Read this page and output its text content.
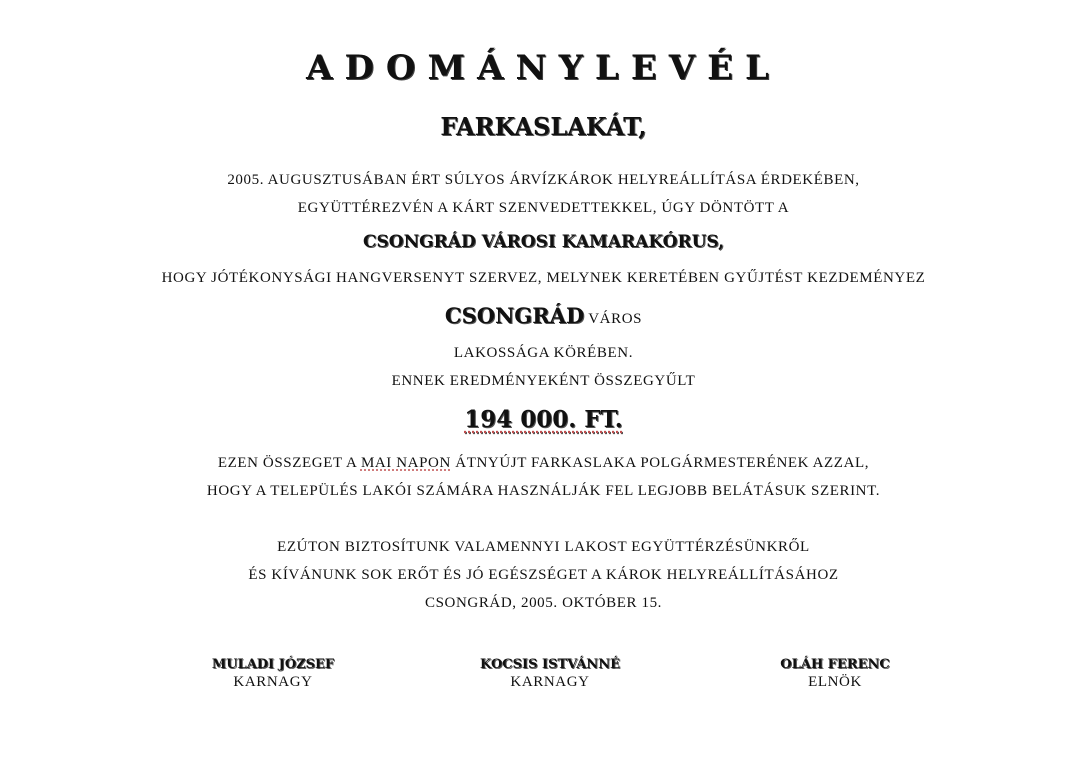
ADOMÁNYLEVÉL
FARKASLAKÁT,
2005. AUGUSZTUSÁBAN ÉRT SÚLYOS ÁRVÍZKÁROK HELYREÁLLÍTÁSA ÉRDEKÉBEN,
EGYÜTTÉREZVÉN A KÁRT SZENVEDETTEKKEL, ÚGY DÖNTÖTT A
CSONGRÁD VÁROSI KAMARAKÓRUS,
HOGY JÓTÉKONYSÁGI HANGVERSENYT SZERVEZ, MELYNEK KERETÉBEN GYŰJTÉST KEZDEMÉNYEZ
CSONGRÁD VÁROS
LAKOSSÁGA KÖRÉBEN.
ENNEK EREDMÉNYEKÉNT ÖSSZEGYŰLT
194 000. FT.
EZEN ÖSSZEGET A MAI NAPON ÁTNYÚJT FARKASLAKA POLGÁRMESTERÉNEK AZZAL,
HOGY A TELEPÜLÉS LAKÓI SZÁMÁRA HASZNÁLJÁK FEL LEGJOBB BELÁTÁSUK SZERINT.
EZÚTON BIZTOSÍTUNK VALAMENNYI LAKOST EGYÜTTÉRZÉSÜNKRŐL
ÉS KÍVÁNUNK SOK ERŐT ÉS JÓ EGÉSZSÉGET A KÁROK HELYREÁLLÍTÁSÁHOZ
CSONGRÁD, 2005. OKTÓBER 15.
MULADI JÓZSEF
KARNAGY
KOCSIS ISTVÁNNÉ
KARNAGY
OLÁH FERENC
ELNÖK
